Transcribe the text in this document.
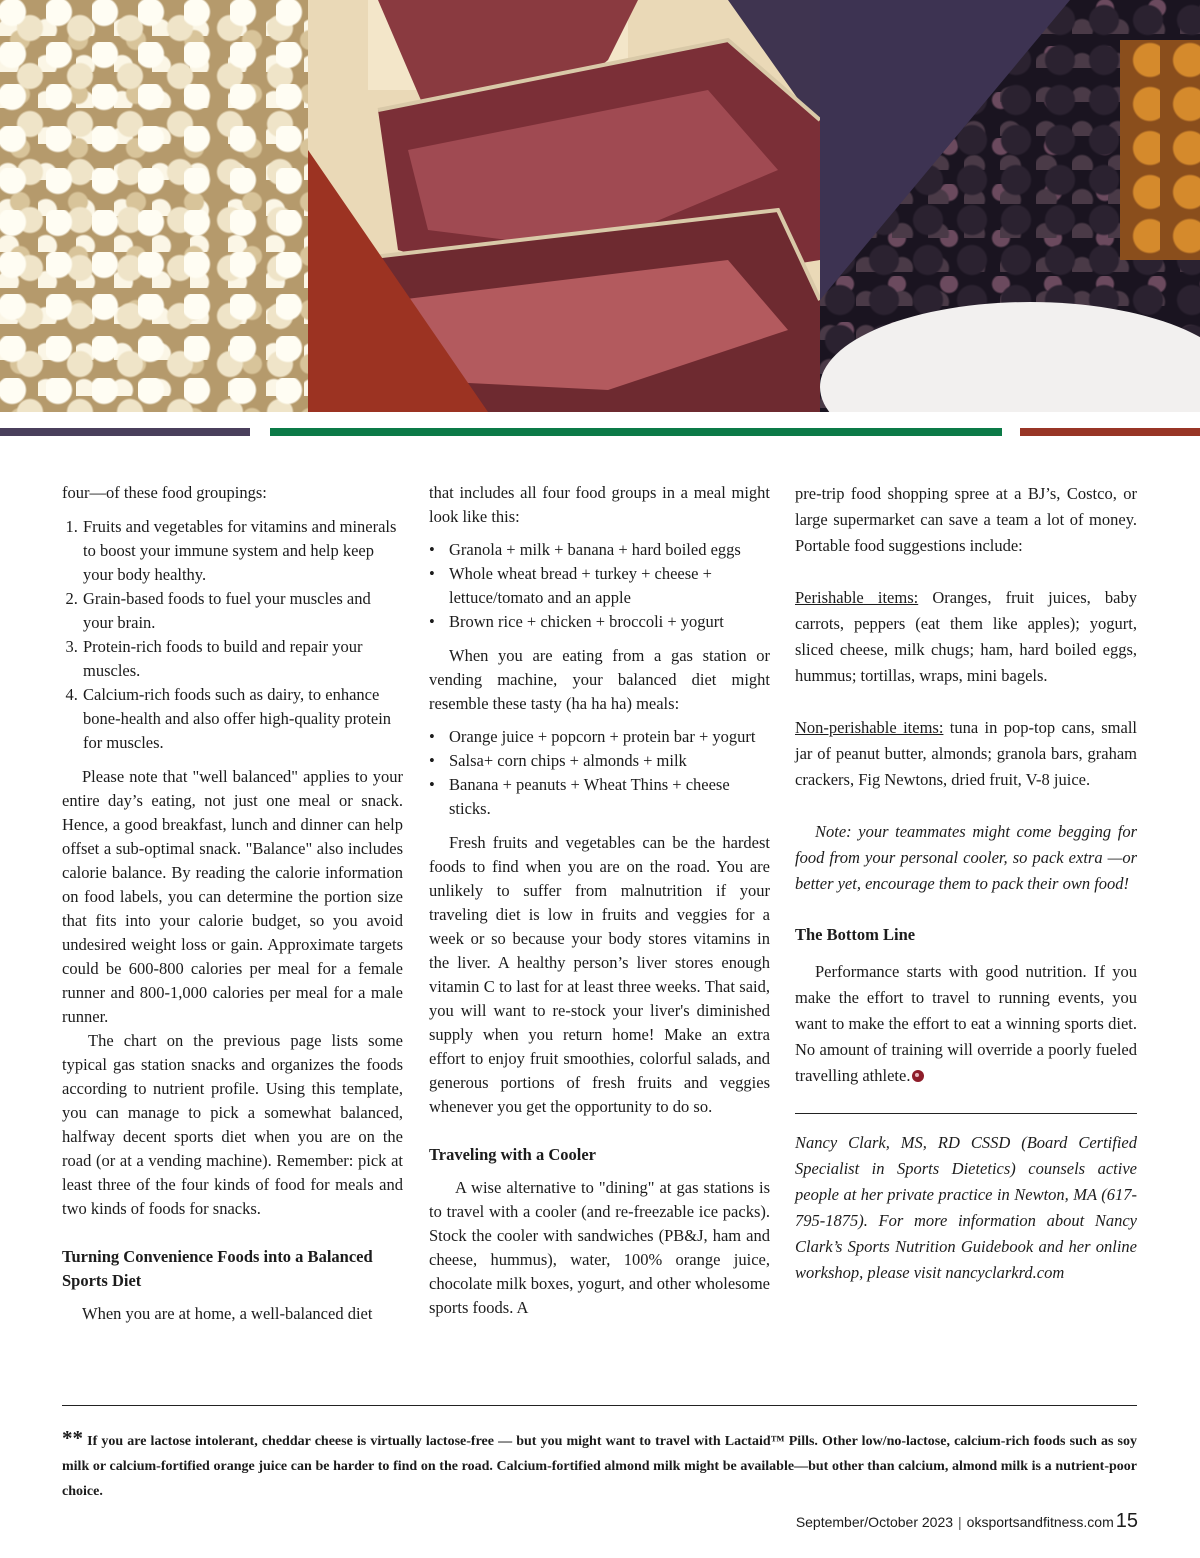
four—of these food groupings:

1. Fruits and vegetables for vitamins and minerals to boost your immune system and help keep your body healthy.
2. Grain-based foods to fuel your muscles and your brain.
3. Protein-rich foods to build and repair your muscles.
4. Calcium-rich foods such as dairy, to enhance bone-health and also offer high-quality protein for muscles.

Please note that "well balanced" applies to your entire day’s eating, not just one meal or snack. Hence, a good breakfast, lunch and dinner can help offset a sub-optimal snack. "Balance" also includes calorie balance. By reading the calorie information on food labels, you can determine the portion size that fits into your calorie budget, so you avoid undesired weight loss or gain. Approximate targets could be 600-800 calories per meal for a female runner and 800-1,000 calories per meal for a male runner.

The chart on the previous page lists some typical gas station snacks and organizes the foods according to nutrient profile. Using this template, you can manage to pick a somewhat balanced, halfway decent sports diet when you are on the road (or at a vending machine). Remember: pick at least three of the four kinds of food for meals and two kinds of foods for snacks.

Turning Convenience Foods into a Balanced Sports Diet

When you are at home, a well-balanced diet

that includes all four food groups in a meal might look like this:

• Granola + milk + banana + hard boiled eggs
• Whole wheat bread + turkey + cheese + lettuce/tomato and an apple
• Brown rice + chicken + broccoli + yogurt

When you are eating from a gas station or vending machine, your balanced diet might resemble these tasty (ha ha ha) meals:

• Orange juice + popcorn + protein bar + yogurt
• Salsa+ corn chips + almonds + milk
• Banana + peanuts + Wheat Thins + cheese sticks.

Fresh fruits and vegetables can be the hardest foods to find when you are on the road. You are unlikely to suffer from malnutrition if your traveling diet is low in fruits and veggies for a week or so because your body stores vitamins in the liver. A healthy person’s liver stores enough vitamin C to last for at least three weeks. That said, you will want to re-stock your liver's diminished supply when you return home! Make an extra effort to enjoy fruit smoothies, colorful salads, and generous portions of fresh fruits and veggies whenever you get the opportunity to do so.

Traveling with a Cooler

A wise alternative to "dining" at gas stations is to travel with a cooler (and re-freezable ice packs). Stock the cooler with sandwiches (PB&J, ham and cheese, hummus), water, 100% orange juice, chocolate milk boxes, yogurt, and other wholesome sports foods. A

pre-trip food shopping spree at a BJ’s, Costco, or large supermarket can save a team a lot of money. Portable food suggestions include:

Perishable items: Oranges, fruit juices, baby carrots, peppers (eat them like apples); yogurt, sliced cheese, milk chugs; ham, hard boiled eggs, hummus; tortillas, wraps, mini bagels.

Non-perishable items: tuna in pop-top cans, small jar of peanut butter, almonds; granola bars, graham crackers, Fig Newtons, dried fruit, V-8 juice.

Note: your teammates might come begging for food from your personal cooler, so pack extra —or better yet, encourage them to pack their own food!

The Bottom Line

Performance starts with good nutrition. If you make the effort to travel to running events, you want to make the effort to eat a winning sports diet. No amount of training will override a poorly fueled travelling athlete.

Nancy Clark, MS, RD CSSD (Board Certified Specialist in Sports Dietetics) counsels active people at her private practice in Newton, MA (617-795-1875). For more information about Nancy Clark’s Sports Nutrition Guidebook and her online workshop, please visit nancyclarkrd.com

** If you are lactose intolerant, cheddar cheese is virtually lactose-free — but you might want to travel with Lactaid™ Pills. Other low/no-lactose, calcium-rich foods such as soy milk or calcium-fortified orange juice can be harder to find on the road. Calcium-fortified almond milk might be available—but other than calcium, almond milk is a nutrient-poor choice.

September/October 2023 | oksportsandfitness.com 15
